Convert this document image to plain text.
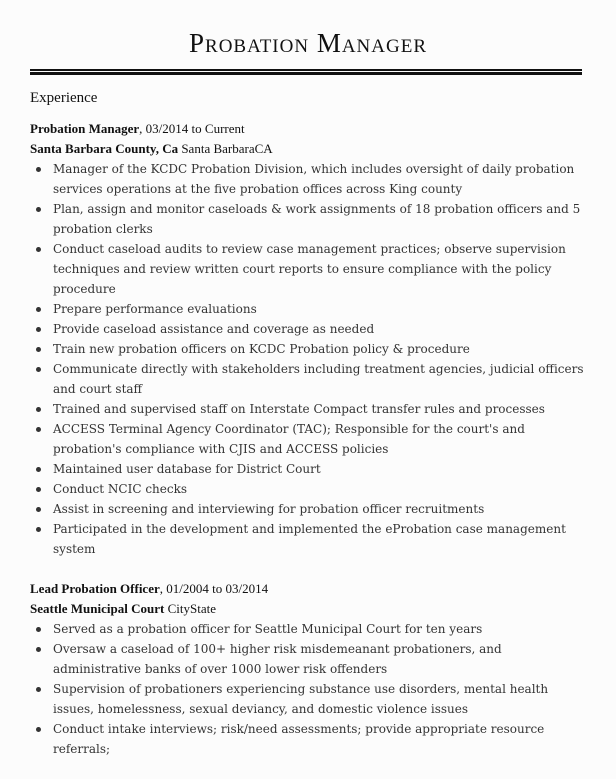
Probation Manager
Experience
Probation Manager, 03/2014 to Current
Santa Barbara County, Ca Santa BarbaraCA
Manager of the KCDC Probation Division, which includes oversight of daily probation services operations at the five probation offices across King county
Plan, assign and monitor caseloads & work assignments of 18 probation officers and 5 probation clerks
Conduct caseload audits to review case management practices; observe supervision techniques and review written court reports to ensure compliance with the policy procedure
Prepare performance evaluations
Provide caseload assistance and coverage as needed
Train new probation officers on KCDC Probation policy & procedure
Communicate directly with stakeholders including treatment agencies, judicial officers and court staff
Trained and supervised staff on Interstate Compact transfer rules and processes
ACCESS Terminal Agency Coordinator (TAC); Responsible for the court's and probation's compliance with CJIS and ACCESS policies
Maintained user database for District Court
Conduct NCIC checks
Assist in screening and interviewing for probation officer recruitments
Participated in the development and implemented the eProbation case management system
Lead Probation Officer, 01/2004 to 03/2014
Seattle Municipal Court CityState
Served as a probation officer for Seattle Municipal Court for ten years
Oversaw a caseload of 100+ higher risk misdemeanant probationers, and administrative banks of over 1000 lower risk offenders
Supervision of probationers experiencing substance use disorders, mental health issues, homelessness, sexual deviancy, and domestic violence issues
Conduct intake interviews; risk/need assessments; provide appropriate resource referrals;
